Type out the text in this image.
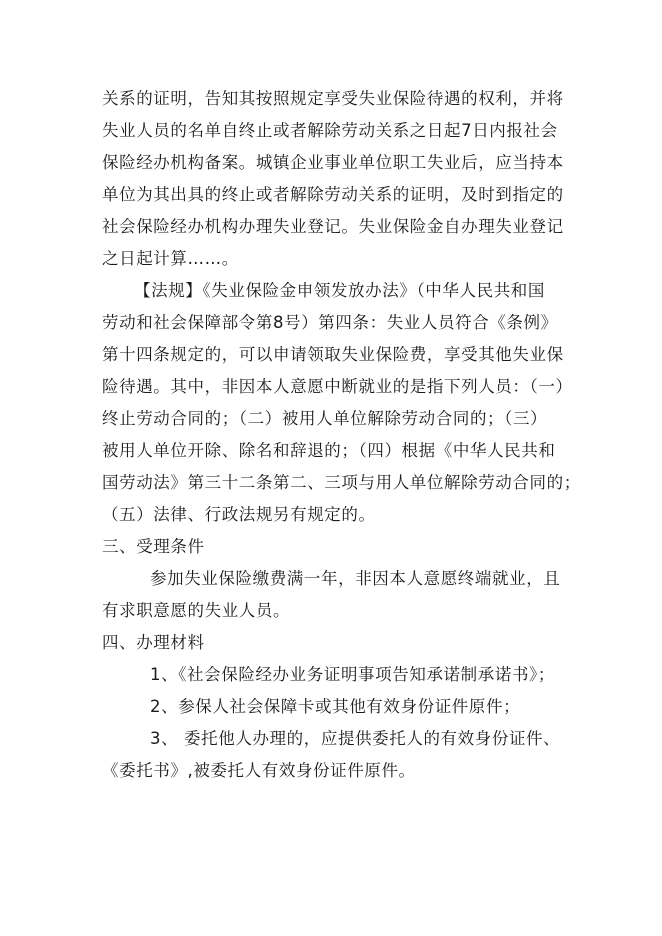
关系的证明，告知其按照规定享受失业保险待遇的权利，并将
失业人员的名单自终止或者解除劳动关系之日起7日内报社会
保险经办机构备案。城镇企业事业单位职工失业后，应当持本
单位为其出具的终止或者解除劳动关系的证明，及时到指定的
社会保险经办机构办理失业登记。失业保险金自办理失业登记
之日起计算……。
【法规】《失业保险金申领发放办法》（中华人民共和国
劳动和社会保障部令第8号）第四条：失业人员符合《条例》
第十四条规定的，可以申请领取失业保险费，享受其他失业保
险待遇。其中，非因本人意愿中断就业的是指下列人员：（一）
终止劳动合同的；（二）被用人单位解除劳动合同的；（三）
被用人单位开除、除名和辞退的；（四）根据《中华人民共和
国劳动法》第三十二条第二、三项与用人单位解除劳动合同的；
（五）法律、行政法规另有规定的。
三、受理条件
参加失业保险缴费满一年，非因本人意愿终端就业，且
有求职意愿的失业人员。
四、办理材料
1、《社会保险经办业务证明事项告知承诺制承诺书》；
2、参保人社会保障卡或其他有效身份证件原件；
3、 委托他人办理的，应提供委托人的有效身份证件、
《委托书》,被委托人有效身份证件原件。
